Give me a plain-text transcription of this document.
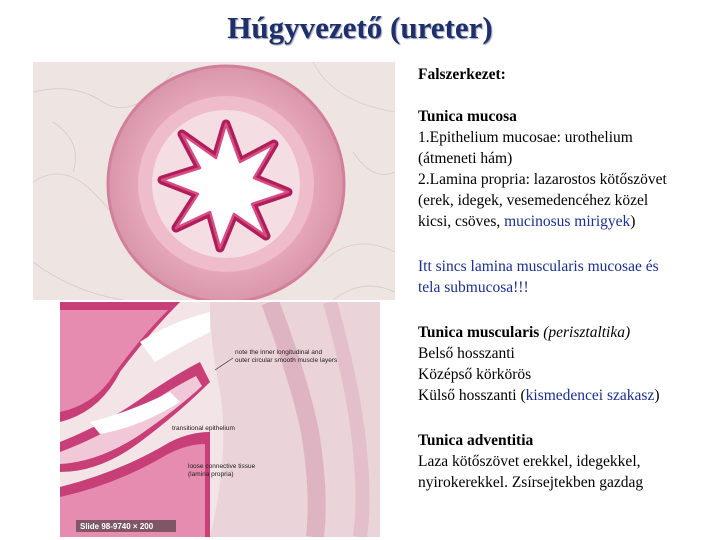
Húgyvezető (ureter)
note the inner longitudinal and
outer circular smooth muscle layers
transitional epithelium
loose connective tissue
(lamina propria)
Slide 98-9740 × 200

Falszerkezet:

Tunica mucosa

1.Epithelium mucosae: urothelium

(átmeneti hám)

2.Lamina propria: lazarostos kötőszövet

(erek, idegek, vesemedencéhez közel

kicsi, csöves, mucinosus mirigyek)

Itt sincs lamina muscularis mucosae és

tela submucosa!!!

Tunica muscularis (perisztaltika)

Belső hosszanti

Középső körkörös

Külső hosszanti (kismedencei szakasz)

Tunica adventitia

Laza kötőszövet erekkel, idegekkel,

nyirokerekkel. Zsírsejtekben gazdag
